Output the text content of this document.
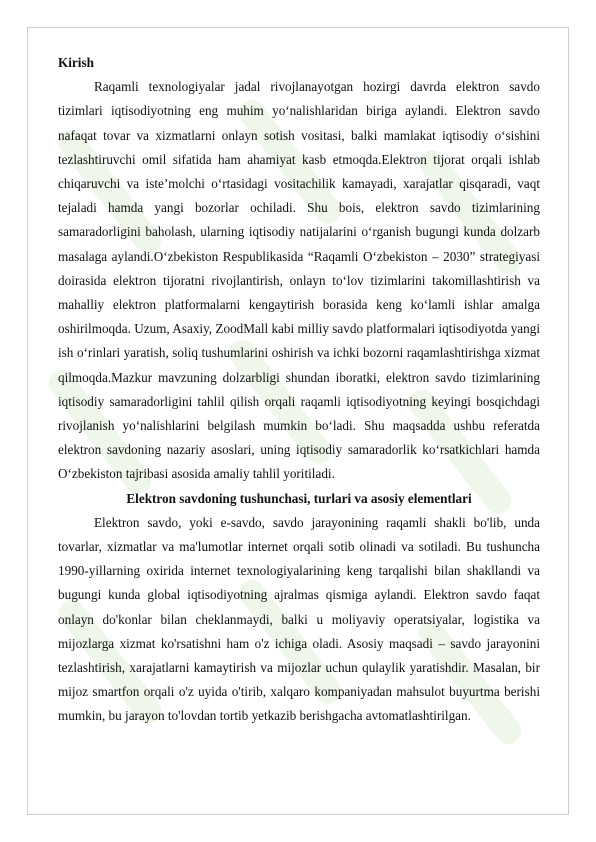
Kirish

Raqamli texnologiyalar jadal rivojlanayotgan hozirgi davrda elektron savdo tizimlari iqtisodiyotning eng muhim yo‘nalishlaridan biriga aylandi. Elektron savdo nafaqat tovar va xizmatlarni onlayn sotish vositasi, balki mamlakat iqtisodiy o‘sishini tezlashtiruvchi omil sifatida ham ahamiyat kasb etmoqda.Elektron tijorat orqali ishlab chiqaruvchi va iste’molchi o‘rtasidagi vositachilik kamayadi, xarajatlar qisqaradi, vaqt tejaladi hamda yangi bozorlar ochiladi. Shu bois, elektron savdo tizimlarining samaradorligini baholash, ularning iqtisodiy natijalarini o‘rganish bugungi kunda dolzarb masalaga aylandi.O‘zbekiston Respublikasida “Raqamli O‘zbekiston – 2030” strategiyasi doirasida elektron tijoratni rivojlantirish, onlayn to‘lov tizimlarini takomillashtirish va mahalliy elektron platformalarni kengaytirish borasida keng ko‘lamli ishlar amalga oshirilmoqda. Uzum, Asaxiy, ZoodMall kabi milliy savdo platformalari iqtisodiyotda yangi ish o‘rinlari yaratish, soliq tushumlarini oshirish va ichki bozorni raqamlashtirishga xizmat qilmoqda.Mazkur mavzuning dolzarbligi shundan iboratki, elektron savdo tizimlarining iqtisodiy samaradorligini tahlil qilish orqali raqamli iqtisodiyotning keyingi bosqichdagi rivojlanish yo‘nalishlarini belgilash mumkin bo‘ladi. Shu maqsadda ushbu referatda elektron savdoning nazariy asoslari, uning iqtisodiy samaradorlik ko‘rsatkichlari hamda O‘zbekiston tajribasi asosida amaliy tahlil yoritiladi.

Elektron savdoning tushunchasi, turlari va asosiy elementlari

Elektron savdo, yoki e-savdo, savdo jarayonining raqamli shakli bo'lib, unda tovarlar, xizmatlar va ma'lumotlar internet orqali sotib olinadi va sotiladi. Bu tushuncha 1990-yillarning oxirida internet texnologiyalarining keng tarqalishi bilan shakllandi va bugungi kunda global iqtisodiyotning ajralmas qismiga aylandi. Elektron savdo faqat onlayn do'konlar bilan cheklanmaydi, balki u moliyaviy operatsiyalar, logistika va mijozlarga xizmat ko'rsatishni ham o'z ichiga oladi. Asosiy maqsadi – savdo jarayonini tezlashtirish, xarajatlarni kamaytirish va mijozlar uchun qulaylik yaratishdir. Masalan, bir mijoz smartfon orqali o'z uyida o'tirib, xalqaro kompaniyadan mahsulot buyurtma berishi mumkin, bu jarayon to'lovdan tortib yetkazib berishgacha avtomatlashtirilgan.
